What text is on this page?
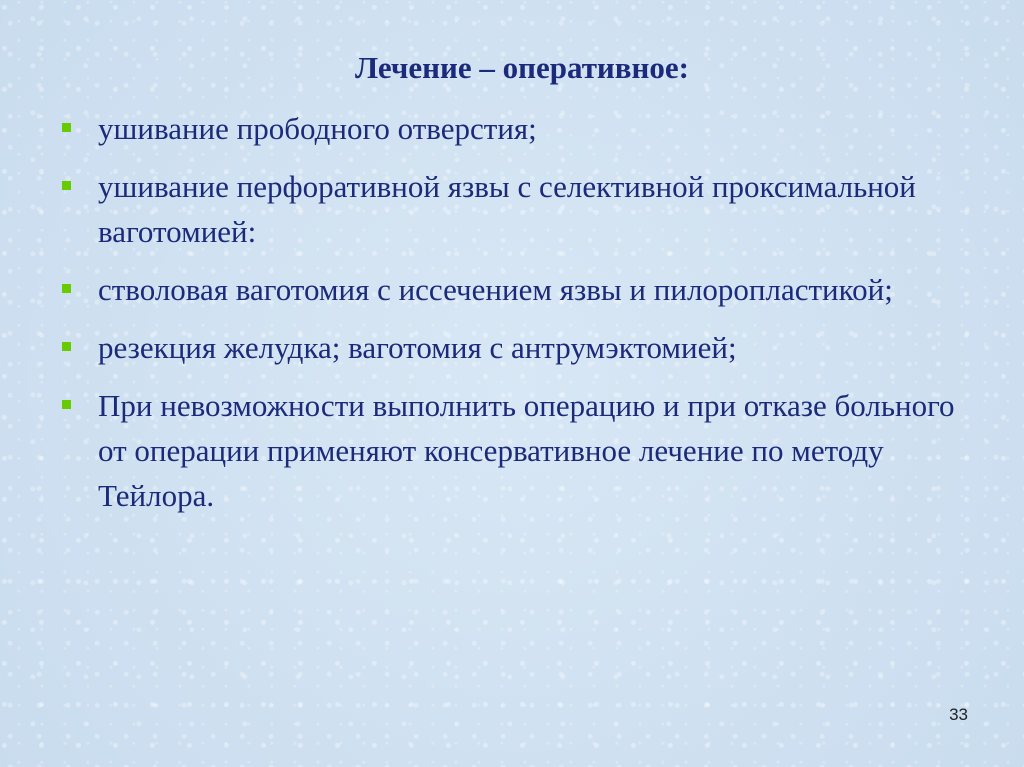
Лечение – оперативное:
ушивание прободного отверстия;
ушивание перфоративной язвы с селективной проксимальной ваготомией:
стволовая ваготомия с иссечением язвы и пилоропластикой;
резекция желудка; ваготомия с антрумэктомией;
При невозможности выполнить операцию и при отказе больного от операции применяют консервативное лечение по методу Тейлора.
33
